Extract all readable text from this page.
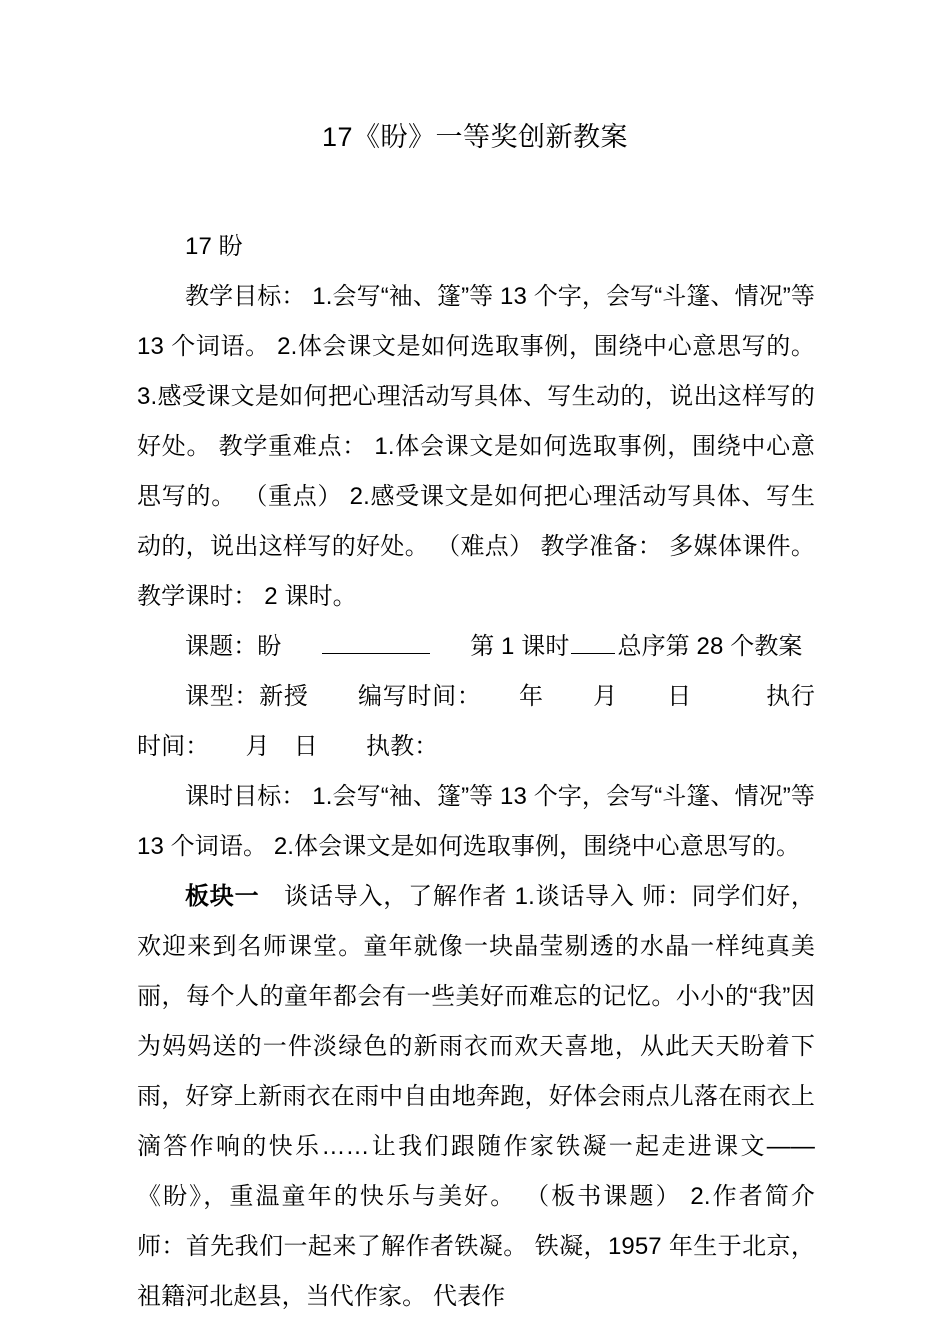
17《盼》一等奖创新教案

17 盼

教学目标： 1.会写“袖、篷”等 13 个字，会写“斗篷、情况”等 13 个词语。 2.体会课文是如何选取事例，围绕中心意思写的。 3.感受课文是如何把心理活动写具体、写生动的，说出这样写的好处。 教学重难点： 1.体会课文是如何选取事例，围绕中心意思写的。 （重点） 2.感受课文是如何把心理活动写具体、写生动的，说出这样写的好处。 （难点） 教学准备： 多媒体课件。 教学课时： 2 课时。

课题：盼	第 1 课时 总序第 28 个教案

课型：新授　　编写时间：　　年　　月　　日　　　执行时间：　　月　日　　执教：

课时目标： 1.会写“袖、篷”等 13 个字，会写“斗篷、情况”等 13 个词语。 2.体会课文是如何选取事例，围绕中心意思写的。

板块一　谈话导入，了解作者 1.谈话导入 师：同学们好，欢迎来到名师课堂。童年就像一块晶莹剔透的水晶一样纯真美丽，每个人的童年都会有一些美好而难忘的记忆。小小的“我”因为妈妈送的一件淡绿色的新雨衣而欢天喜地，从此天天盼着下雨，好穿上新雨衣在雨中自由地奔跑，好体会雨点儿落在雨衣上滴答作响的快乐……让我们跟随作家铁凝一起走进课文——《盼》，重温童年的快乐与美好。 （板书课题） 2.作者简介 师：首先我们一起来了解作者铁凝。 铁凝，1957 年生于北京，祖籍河北赵县，当代作家。 代表作
